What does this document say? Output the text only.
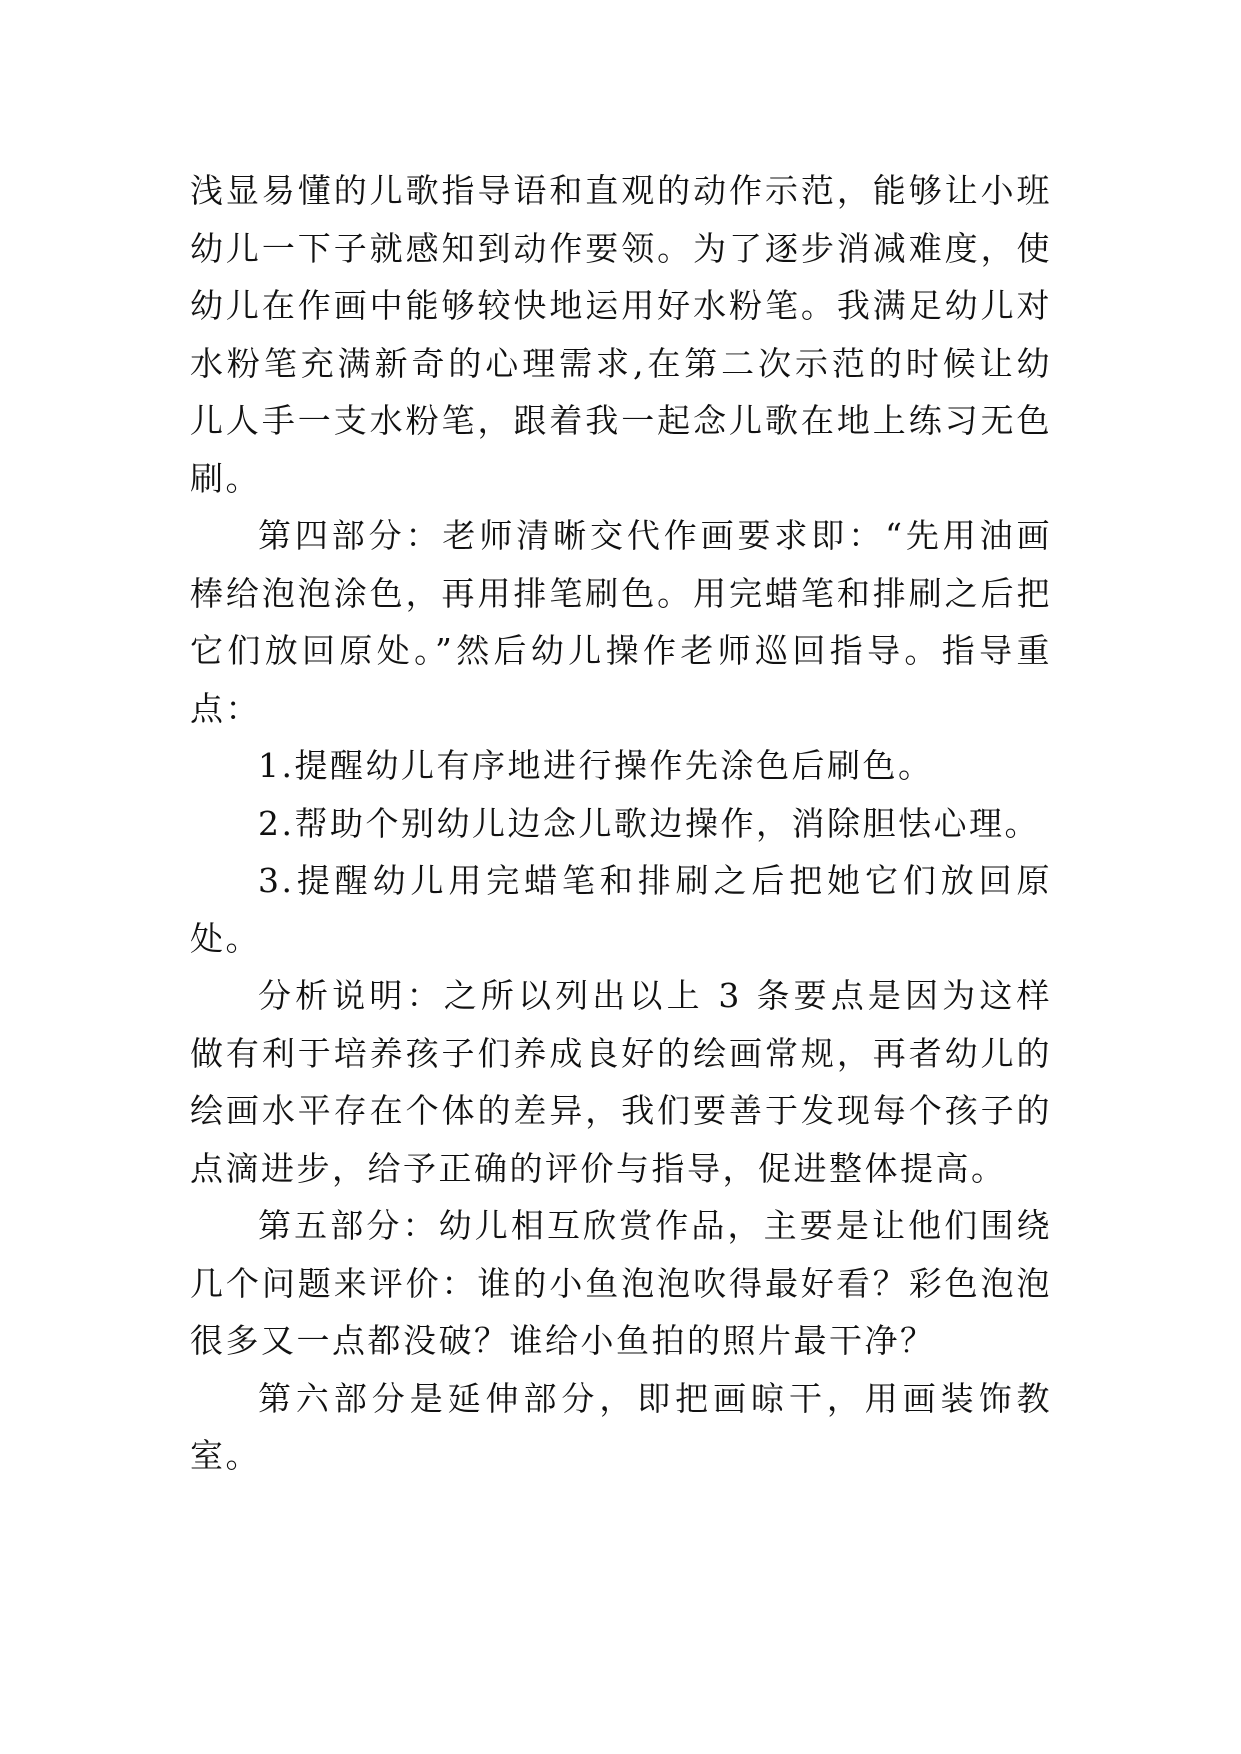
浅显易懂的儿歌指导语和直观的动作示范，能够让小班幼儿一下子就感知到动作要领。为了逐步消减难度，使幼儿在作画中能够较快地运用好水粉笔。我满足幼儿对水粉笔充满新奇的心理需求,在第二次示范的时候让幼儿人手一支水粉笔，跟着我一起念儿歌在地上练习无色刷。

第四部分：老师清晰交代作画要求即：“先用油画棒给泡泡涂色，再用排笔刷色。用完蜡笔和排刷之后把它们放回原处。”然后幼儿操作老师巡回指导。指导重点：

1.提醒幼儿有序地进行操作先涂色后刷色。

2.帮助个别幼儿边念儿歌边操作，消除胆怯心理。

3.提醒幼儿用完蜡笔和排刷之后把她它们放回原处。

分析说明：之所以列出以上 3 条要点是因为这样做有利于培养孩子们养成良好的绘画常规，再者幼儿的绘画水平存在个体的差异，我们要善于发现每个孩子的点滴进步，给予正确的评价与指导，促进整体提高。

第五部分：幼儿相互欣赏作品，主要是让他们围绕几个问题来评价：谁的小鱼泡泡吹得最好看？彩色泡泡很多又一点都没破？谁给小鱼拍的照片最干净？

第六部分是延伸部分，即把画晾干，用画装饰教室。
